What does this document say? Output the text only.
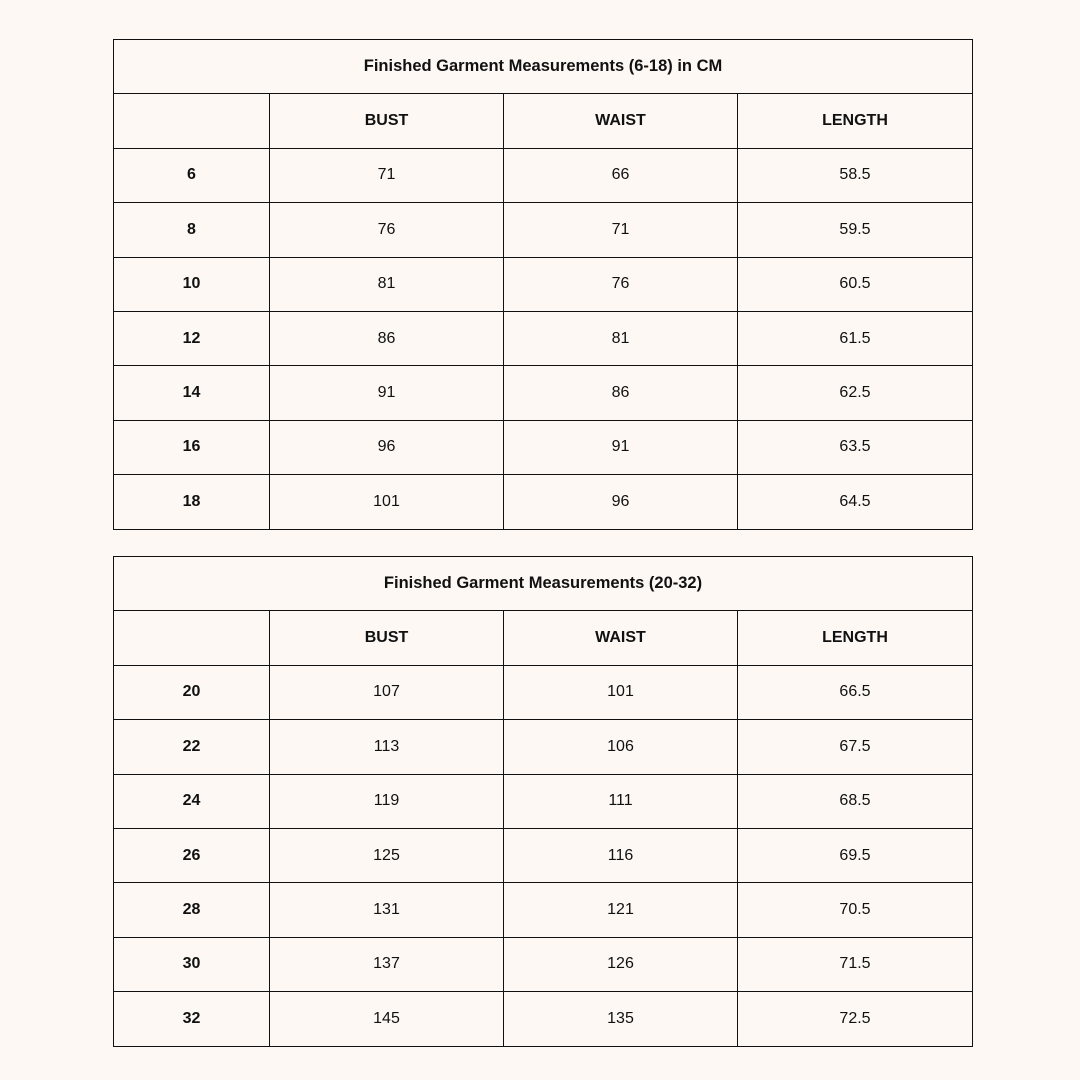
Finished Garment Measurements (6-18) in CM			
	BUST	WAIST	LENGTH
6	71	66	58.5
8	76	71	59.5
10	81	76	60.5
12	86	81	61.5
14	91	86	62.5
16	96	91	63.5
18	101	96	64.5
Finished Garment Measurements (20-32)			
	BUST	WAIST	LENGTH
20	107	101	66.5
22	113	106	67.5
24	119	111	68.5
26	125	116	69.5
28	131	121	70.5
30	137	126	71.5
32	145	135	72.5
